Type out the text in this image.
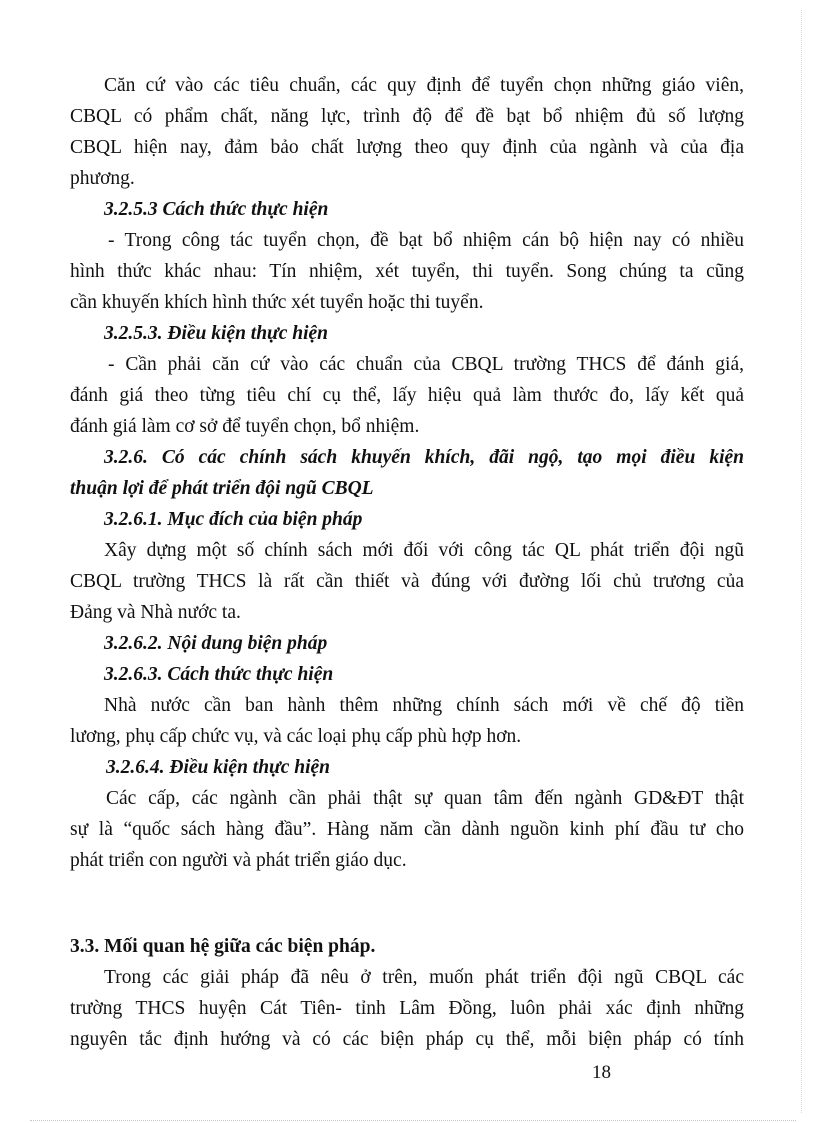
Căn cứ vào các tiêu chuẩn, các quy định để tuyển chọn những giáo viên,
CBQL có phẩm chất, năng lực, trình độ để đề bạt bổ nhiệm đủ số lượng
CBQL hiện nay, đảm bảo chất lượng theo quy định của ngành và của địa
phương.
3.2.5.3 Cách thức thực hiện
- Trong công tác tuyển chọn, đề bạt bổ nhiệm cán bộ hiện nay có nhiều
hình thức khác nhau: Tín nhiệm, xét tuyển, thi tuyển. Song chúng ta cũng
cần khuyến khích hình thức xét tuyển hoặc thi tuyển.
3.2.5.3. Điều kiện thực hiện
- Cần phải căn cứ vào các chuẩn của CBQL trường THCS để đánh giá,
đánh giá theo từng tiêu chí cụ thể, lấy hiệu quả làm thước đo, lấy kết quả
đánh giá làm cơ sở để tuyển chọn, bổ nhiệm.
3.2.6. Có các chính sách khuyến khích, đãi ngộ, tạo mọi điều kiện
thuận lợi để phát triển đội ngũ CBQL
3.2.6.1. Mục đích của biện pháp
Xây dựng một số chính sách mới đối với công tác QL phát triển đội ngũ
CBQL trường THCS là rất cần thiết và đúng với đường lối chủ trương của
Đảng và Nhà nước ta.
3.2.6.2. Nội dung biện pháp
3.2.6.3. Cách thức thực hiện
Nhà nước cần ban hành thêm những chính sách mới về chế độ tiền
lương, phụ cấp chức vụ, và các loại phụ cấp phù hợp hơn.
3.2.6.4. Điều kiện thực hiện
Các cấp, các ngành cần phải thật sự quan tâm đến ngành GD&ĐT thật
sự là “quốc sách hàng đầu”. Hàng năm cần dành nguồn kinh phí đầu tư cho
phát triển con người và phát triển giáo dục.
3.3. Mối quan hệ giữa các biện pháp.
Trong các giải pháp đã nêu ở trên, muốn phát triển đội ngũ CBQL các
trường THCS huyện Cát Tiên- tỉnh Lâm Đồng, luôn phải xác định những
nguyên tắc định hướng và có các biện pháp cụ thể, mỗi biện pháp có tính
18
